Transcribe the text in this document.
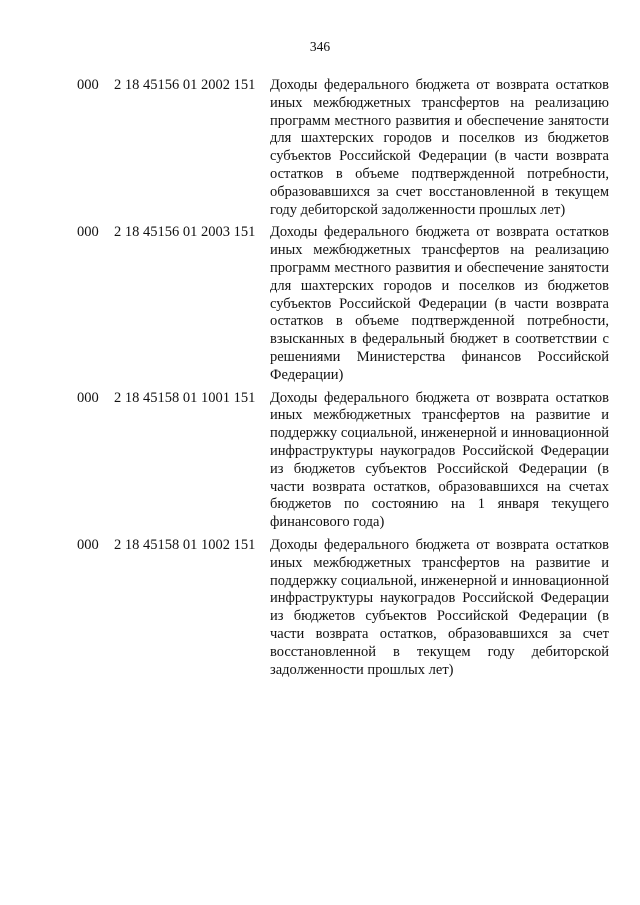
346
000	2 18 45156 01 2002 151	Доходы федерального бюджета от возврата остатков иных межбюджетных трансфертов на реализацию программ местного развития и обеспечение занятости для шахтерских городов и поселков из бюджетов субъектов Российской Федерации (в части возврата остатков в объеме подтвержденной потребности, образовавшихся за счет восстановленной в текущем году дебиторской задолженности прошлых лет)
000	2 18 45156 01 2003 151	Доходы федерального бюджета от возврата остатков иных межбюджетных трансфертов на реализацию программ местного развития и обеспечение занятости для шахтерских городов и поселков из бюджетов субъектов Российской Федерации (в части возврата остатков в объеме подтвержденной потребности, взысканных в федеральный бюджет в соответствии с решениями Министерства финансов Российской Федерации)
000	2 18 45158 01 1001 151	Доходы федерального бюджета от возврата остатков иных межбюджетных трансфертов на развитие и поддержку социальной, инженерной и инновационной инфраструктуры наукоградов Российской Федерации из бюджетов субъектов Российской Федерации (в части возврата остатков, образовавшихся на счетах бюджетов по состоянию на 1 января текущего финансового года)
000	2 18 45158 01 1002 151	Доходы федерального бюджета от возврата остатков иных межбюджетных трансфертов на развитие и поддержку социальной, инженерной и инновационной инфраструктуры наукоградов Российской Федерации из бюджетов субъектов Российской Федерации (в части возврата остатков, образовавшихся за счет восстановленной в текущем году дебиторской задолженности прошлых лет)
